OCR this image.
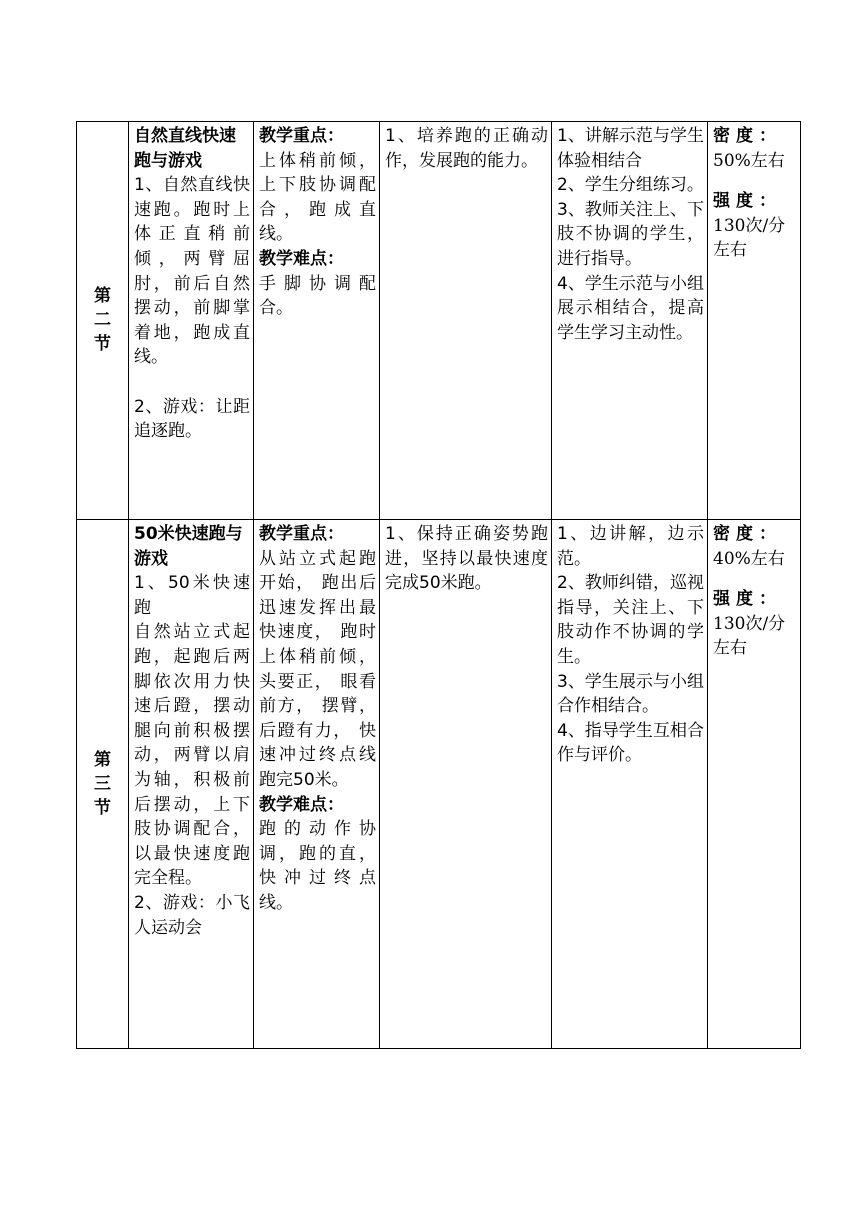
第二节	自然直线快速跑与游戏
1、自然直线快速跑。跑时上体正直稍前倾，两臂屈肘，前后自然摆动，前脚掌着地，跑成直线。
2、游戏：让距追逐跑。	教学重点：
上体稍前倾， 上下肢协调配合，跑成直线。
教学难点：
手脚协调配合。	1、培养跑的正确动作，发展跑的能力。	1、讲解示范与学生体验相结合
2、学生分组练习。
3、教师关注上、下肢不协调的学生， 进行指导。
4、学生示范与小组展示相结合，提高学生学习主动性。	密度：
50%左右
强度：
130次/分左右

第三节	50米快速跑与游戏
1、50米快速跑
自然站立式起跑，起跑后两脚依次用力快速后蹬，摆动腿向前积极摆动，两臂以肩为轴，积极前后摆动，上下肢协调配合，以最快速度跑完全程。
2、游戏：小飞人运动会	教学重点：
从站立式起跑开始， 跑出后迅速发挥出最快速度， 跑时上体稍前倾，头要正， 眼看前方， 摆臂， 后蹬有力， 快速冲过终点线跑完50米。
教学难点：
跑的动作协调，跑的直，快冲过终点线。	1、保持正确姿势跑进，坚持以最快速度完成50米跑。	1、边讲解，边示范。
2、教师纠错，巡视指导，关注上、下肢动作不协调的学生。
3、学生展示与小组合作相结合。
4、指导学生互相合作与评价。	密度：
40%左右
强度：
130次/分左右
